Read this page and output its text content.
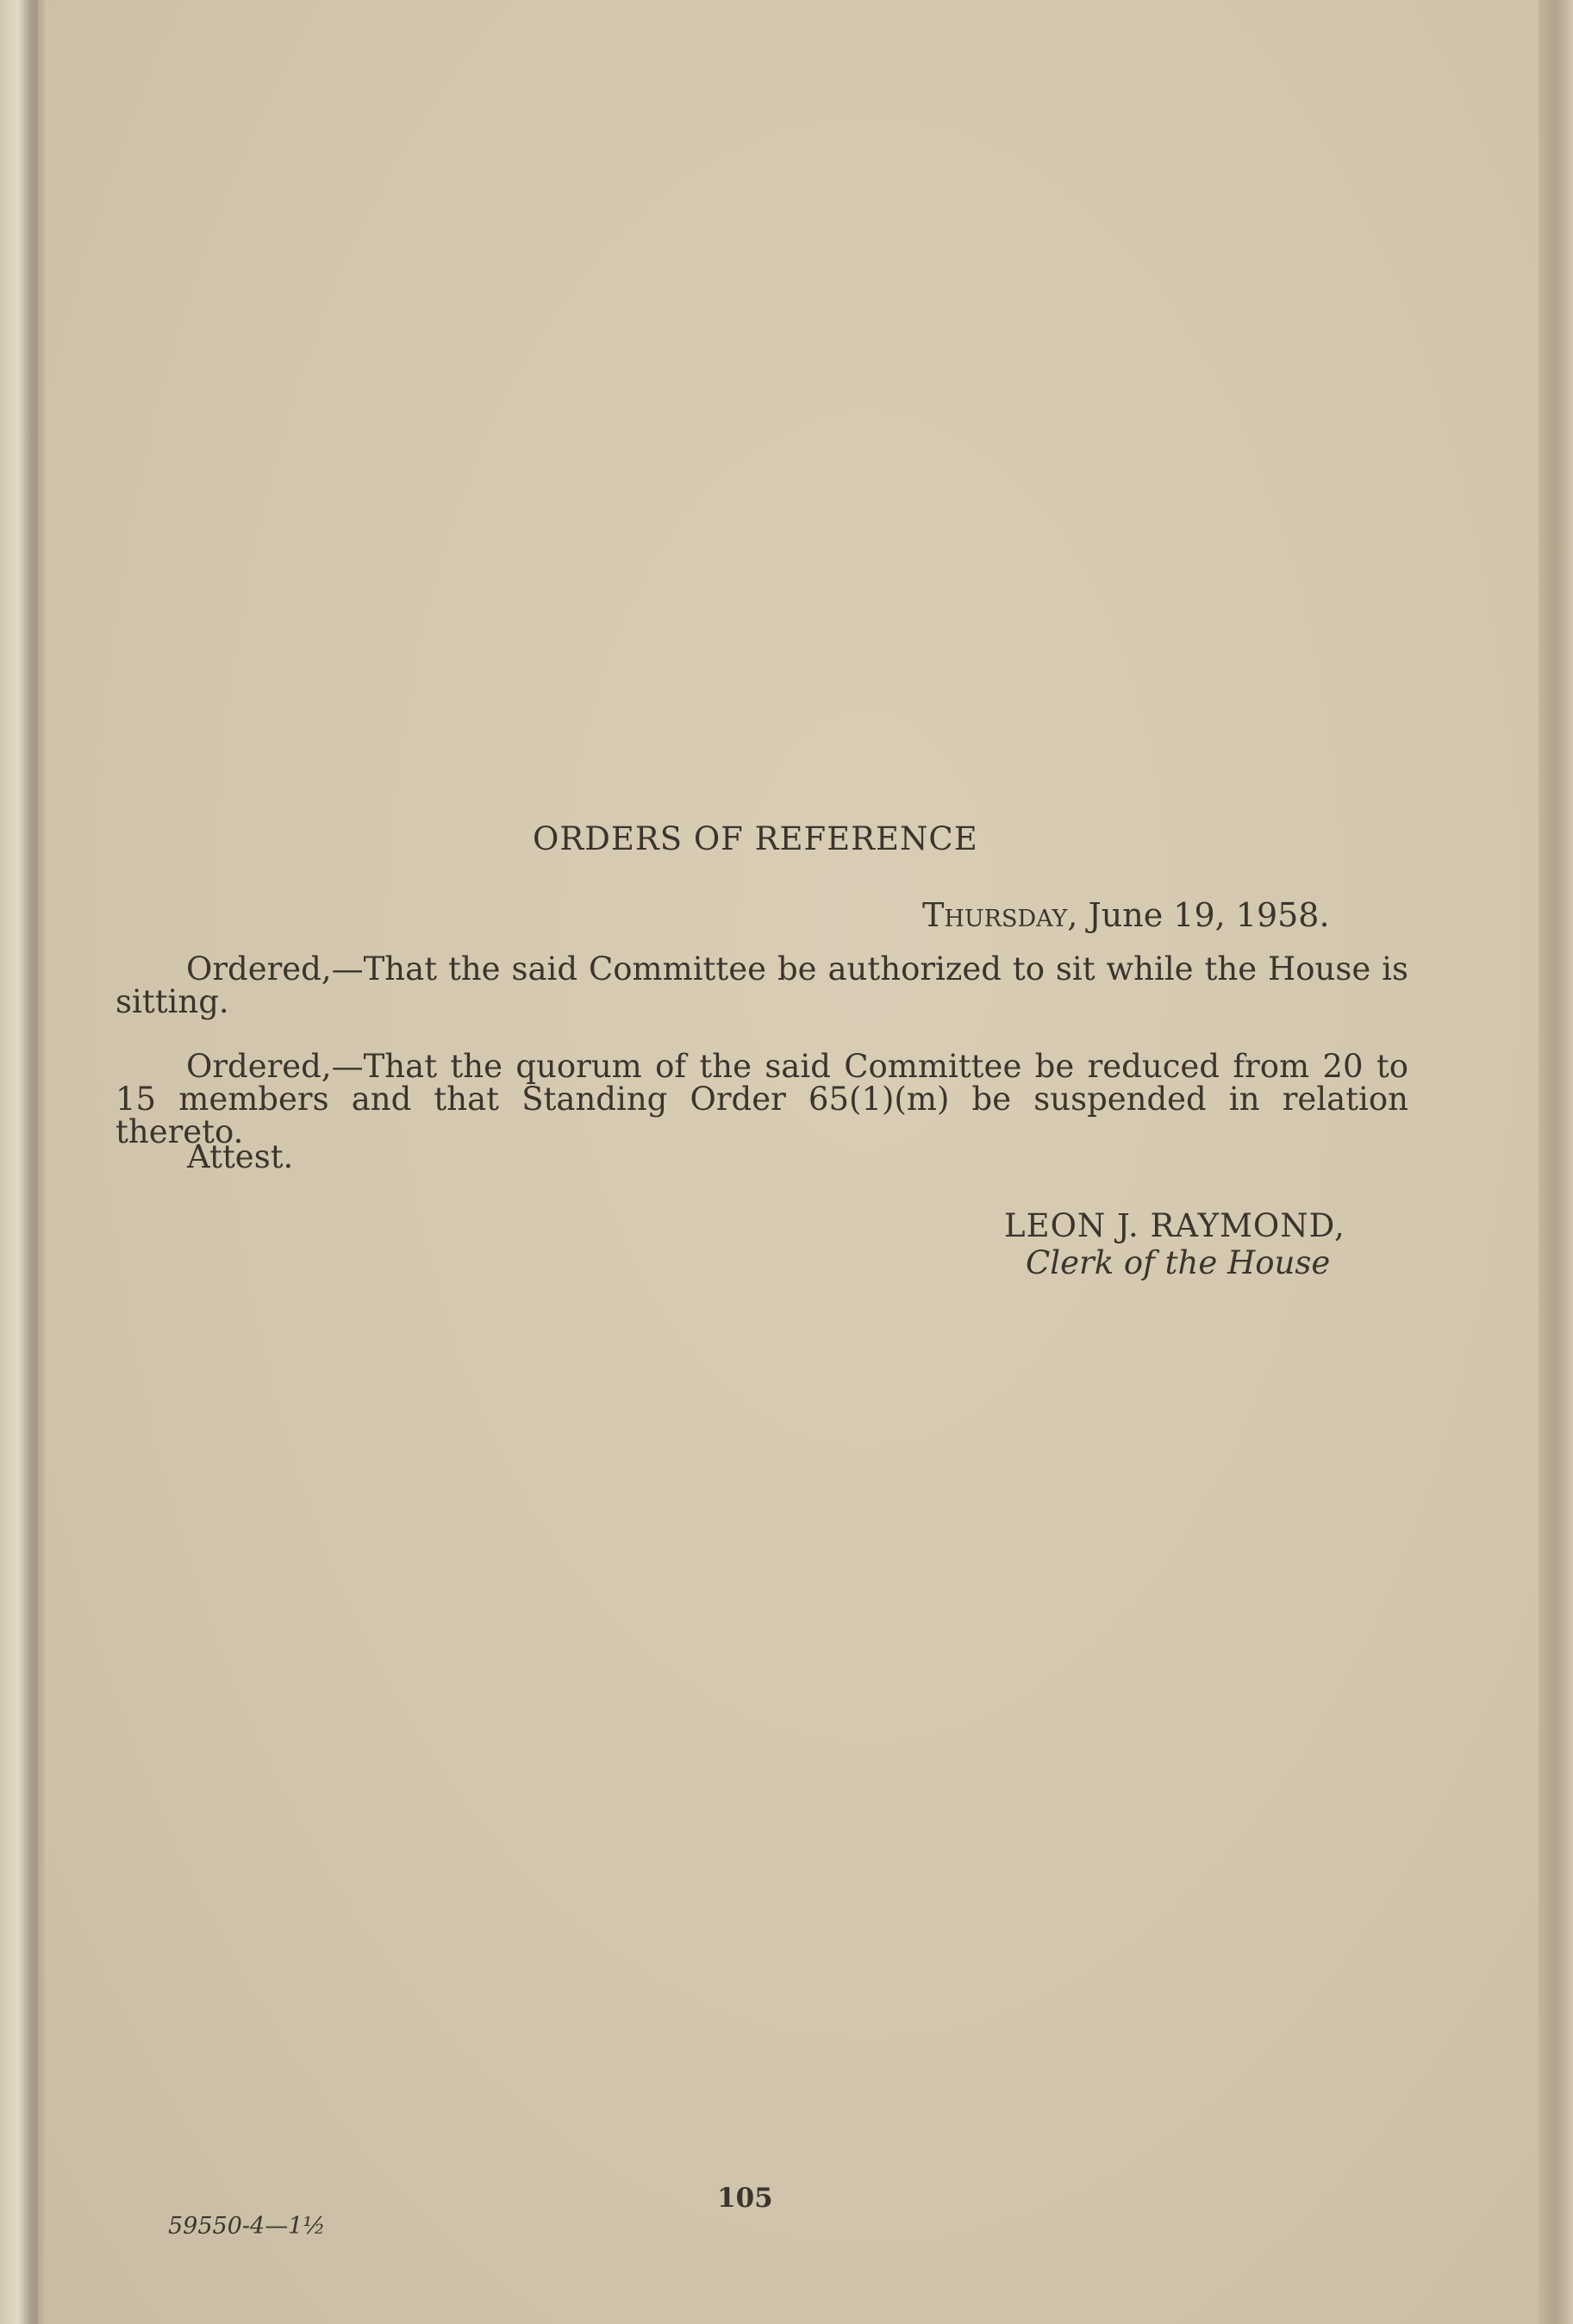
ORDERS OF REFERENCE
Thursday, June 19, 1958.
Ordered,—That the said Committee be authorized to sit while the House is sitting.
Ordered,—That the quorum of the said Committee be reduced from 20 to 15 members and that Standing Order 65(1)(m) be suspended in relation thereto.
Attest.
LEON J. RAYMOND,
Clerk of the House
105
59550-4—1½
